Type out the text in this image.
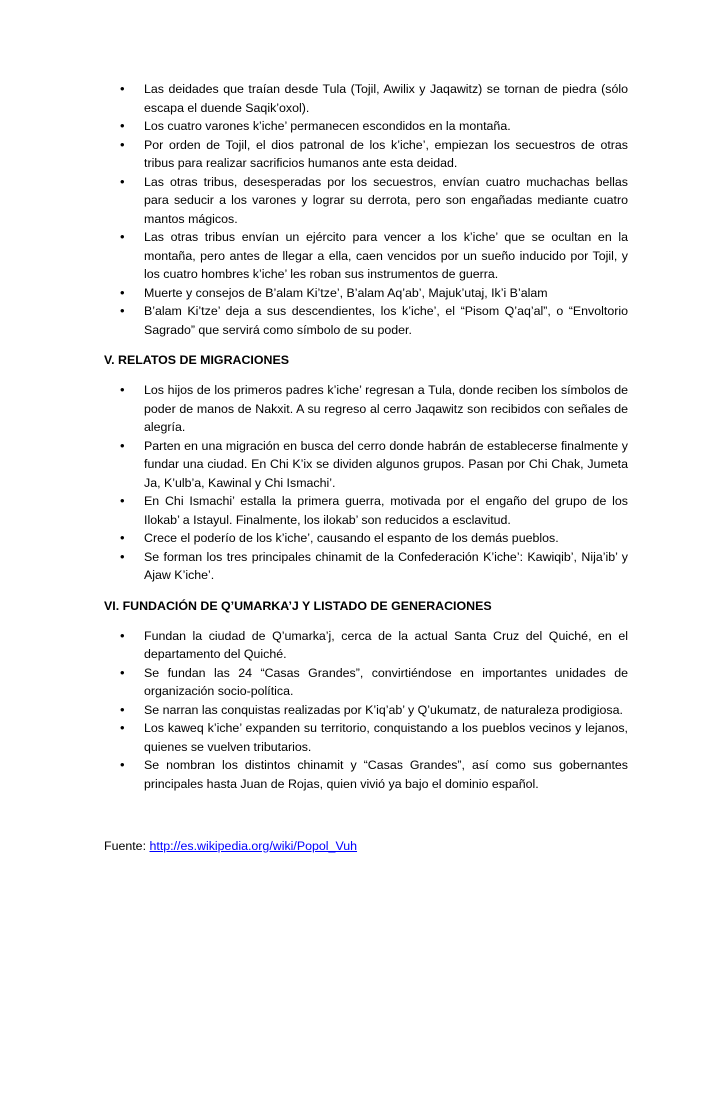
• Las deidades que traían desde Tula (Tojil, Awilix y Jaqawitz) se tornan de piedra (sólo escapa el duende Saqik’oxol).
• Los cuatro varones k’iche’ permanecen escondidos en la montaña.
• Por orden de Tojil, el dios patronal de los k’iche’, empiezan los secuestros de otras tribus para realizar sacrificios humanos ante esta deidad.
• Las otras tribus, desesperadas por los secuestros, envían cuatro muchachas bellas para seducir a los varones y lograr su derrota, pero son engañadas mediante cuatro mantos mágicos.
• Las otras tribus envían un ejército para vencer a los k’iche’ que se ocultan en la montaña, pero antes de llegar a ella, caen vencidos por un sueño inducido por Tojil, y los cuatro hombres k’iche’ les roban sus instrumentos de guerra.
• Muerte y consejos de B’alam Ki’tze’, B’alam Aq’ab’, Majuk’utaj, Ik’i B’alam
• B’alam Ki’tze’ deja a sus descendientes, los k’iche’, el “Pisom Q’aq’al”, o “Envoltorio Sagrado” que servirá como símbolo de su poder.
V. RELATOS DE MIGRACIONES
• Los hijos de los primeros padres k’iche’ regresan a Tula, donde reciben los símbolos de poder de manos de Nakxit. A su regreso al cerro Jaqawitz son recibidos con señales de alegría.
• Parten en una migración en busca del cerro donde habrán de establecerse finalmente y fundar una ciudad. En Chi K’ix se dividen algunos grupos. Pasan por Chi Chak, Jumeta Ja, K’ulb’a, Kawinal y Chi Ismachi’.
• En Chi Ismachi’ estalla la primera guerra, motivada por el engaño del grupo de los Ilokab’ a Istayul. Finalmente, los ilokab’ son reducidos a esclavitud.
• Crece el poderío de los k’iche’, causando el espanto de los demás pueblos.
• Se forman los tres principales chinamit de la Confederación K’iche’: Kawiqib’, Nija’ib’ y Ajaw K’iche’.
VI. FUNDACIÓN DE Q’UMARKA’J Y LISTADO DE GENERACIONES
• Fundan la ciudad de Q’umarka’j, cerca de la actual Santa Cruz del Quiché, en el departamento del Quiché.
• Se fundan las 24 “Casas Grandes”, convirtiéndose en importantes unidades de organización socio-política.
• Se narran las conquistas realizadas por K’iq’ab’ y Q’ukumatz, de naturaleza prodigiosa.
• Los kaweq k’iche’ expanden su territorio, conquistando a los pueblos vecinos y lejanos, quienes se vuelven tributarios.
• Se nombran los distintos chinamit y “Casas Grandes”, así como sus gobernantes principales hasta Juan de Rojas, quien vivió ya bajo el dominio español.
Fuente: http://es.wikipedia.org/wiki/Popol_Vuh
